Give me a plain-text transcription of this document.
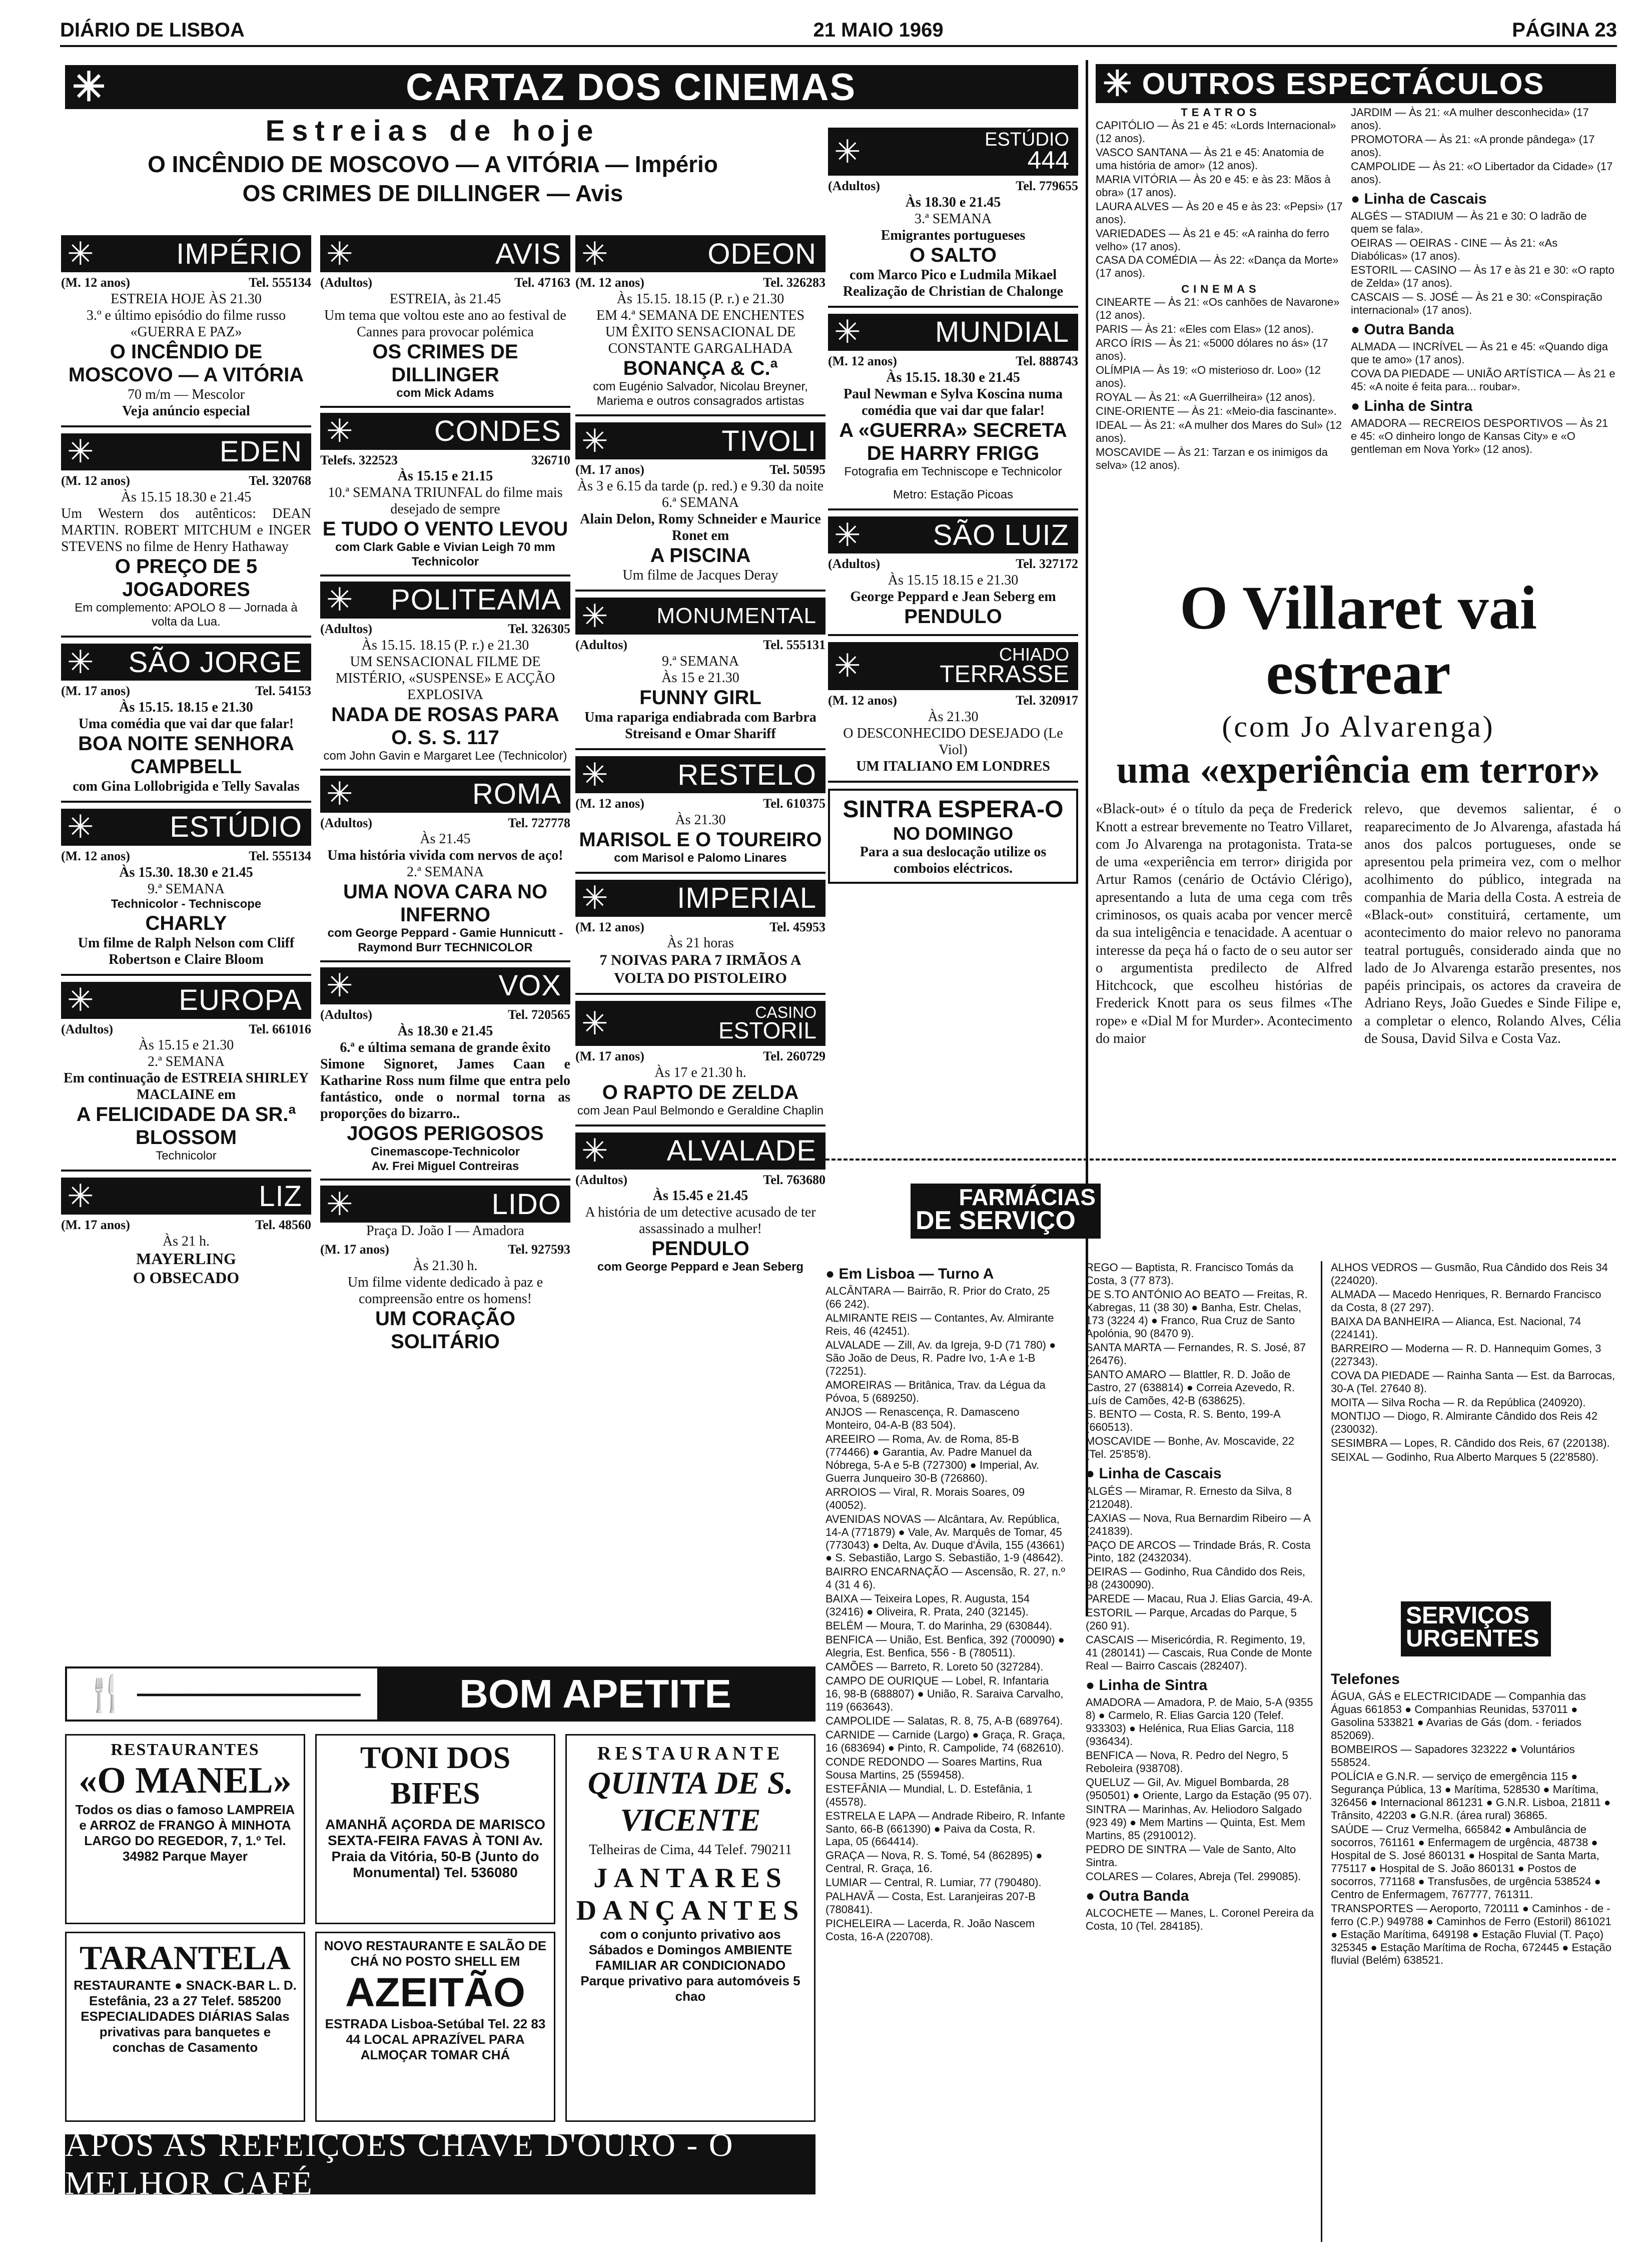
DIÁRIO DE LISBOA	21 MAIO 1969	PÁGINA 23
✳	CARTAZ DOS CINEMAS
Estreias de hoje
O INCÊNDIO DE MOSCOVO — A VITÓRIA — Império
OS CRIMES DE DILLINGER — Avis
✳	IMPÉRIO
(M. 12 anos)	Tel. 555134
ESTREIA HOJE ÀS 21.30
3.º e último episódio do filme russo «GUERRA E PAZ»
O INCÊNDIO DE MOSCOVO — A VITÓRIA
70 m/m — Mescolor
Veja anúncio especial
✳	EDEN
(M. 12 anos)	Tel. 320768
Às 15.15 18.30 e 21.45
Um Western dos autênticos: DEAN MARTIN. ROBERT MITCHUM e INGER STEVENS no filme de Henry Hathaway
O PREÇO DE 5 JOGADORES
Em complemento: APOLO 8 — Jornada à volta da Lua.
✳ SÃO JORGE
(M. 17 anos)	Tel. 54153
Às 15.15. 18.15 e 21.30
Uma comédia que vai dar que falar!
BOA NOITE SENHORA CAMPBELL
com Gina Lollobrigida e Telly Savalas
✳	ESTÚDIO
(M. 12 anos)	Tel. 555134
Às 15.30. 18.30 e 21.45
9.ª SEMANA
Technicolor - Techniscope
CHARLY
Um filme de Ralph Nelson com Cliff Robertson e Claire Bloom
✳	EUROPA
(Adultos)	Tel. 661016
Às 15.15 e 21.30
2.ª SEMANA
Em continuação de ESTREIA SHIRLEY MACLAINE em
A FELICIDADE DA SR.ª BLOSSOM
Technicolor
✳	LIZ
(M. 17 anos)	Tel. 48560
Às 21 h.
MAYERLING
O OBSECADO
✳	AVIS
(Adultos)	Tel. 47163
ESTREIA, às 21.45
Um tema que voltou este ano ao festival de Cannes para provocar polémica
OS CRIMES DE DILLINGER
com Mick Adams
✳	CONDES
Telefs. 322523	326710
Às 15.15 e 21.15
10.ª SEMANA TRIUNFAL do filme mais desejado de sempre
E TUDO O VENTO LEVOU
com Clark Gable e Vivian Leigh 70 mm Technicolor
✳ POLITEAMA
(Adultos)	Tel. 326305
Às 15.15. 18.15 (P. r.) e 21.30
UM SENSACIONAL FILME DE MISTÉRIO, «SUSPENSE» E ACÇÃO EXPLOSIVA
NADA DE ROSAS PARA O. S. S. 117
com John Gavin e Margaret Lee (Technicolor)
✳	ROMA
(Adultos)	Tel. 727778
Às 21.45
Uma história vivida com nervos de aço!
2.ª SEMANA
UMA NOVA CARA NO INFERNO
com George Peppard - Gamie Hunnicutt - Raymond Burr TECHNICOLOR
✳	VOX
(Adultos)	Tel. 720565
Às 18.30 e 21.45
6.ª e última semana de grande êxito
Simone Signoret, James Caan e Katharine Ross num filme que entra pelo fantástico, onde o normal torna as proporções do bizarro..
JOGOS PERIGOSOS
Cinemascope-Technicolor
Av. Frei Miguel Contreiras
✳	LIDO
Praça D. João I — Amadora
(M. 17 anos)	Tel. 927593
Às 21.30 h.
Um filme vidente dedicado à paz e compreensão entre os homens!
UM CORAÇÃO SOLITÁRIO
✳	ODEON
(M. 12 anos)	Tel. 326283
Às 15.15. 18.15 (P. r.) e 21.30
EM 4.ª SEMANA DE ENCHENTES
UM ÊXITO SENSACIONAL DE CONSTANTE GARGALHADA
BONANÇA & C.ª
com Eugénio Salvador, Nicolau Breyner, Mariema e outros consagrados artistas
✳	TIVOLI
(M. 17 anos)	Tel. 50595
Às 3 e 6.15 da tarde (p. red.) e 9.30 da noite
6.ª SEMANA
Alain Delon, Romy Schneider e Maurice Ronet em
A PISCINA
Um filme de Jacques Deray
✳ MONUMENTAL
(Adultos)	Tel. 555131
9.ª SEMANA
Às 15 e 21.30
FUNNY GIRL
Uma rapariga endiabrada com Barbra Streisand e Omar Shariff
✳ RESTELO
(M. 12 anos)	Tel. 610375
Às 21.30
MARISOL E O TOUREIRO
com Marisol e Palomo Linares
✳ IMPERIAL
(M. 12 anos)	Tel. 45953
Às 21 horas
7 NOIVAS PARA 7 IRMÃOS A VOLTA DO PISTOLEIRO
✳	CASINO
ESTORIL
(M. 17 anos)	Tel. 260729
Às 17 e 21.30 h.
O RAPTO DE ZELDA
com Jean Paul Belmondo e Geraldine Chaplin
✳ ALVALADE
(Adultos)	Tel. 763680
Às 15.45 e 21.45
A história de um detective acusado de ter assassinado a mulher!
PENDULO
com George Peppard e Jean Seberg
✳	ESTÚDIO
444
(Adultos)	Tel. 779655
Às 18.30 e 21.45
3.ª SEMANA
Emigrantes portugueses
O SALTO
com Marco Pico e Ludmila Mikael Realização de Christian de Chalonge
✳	MUNDIAL
(M. 12 anos)	Tel. 888743
Às 15.15. 18.30 e 21.45
Paul Newman e Sylva Koscina numa comédia que vai dar que falar!
A «GUERRA» SECRETA DE HARRY FRIGG
Fotografia em Techniscope e Technicolor
Metro: Estação Picoas
✳ SÃO LUIZ
(Adultos)	Tel. 327172
Às 15.15 18.15 e 21.30
George Peppard e Jean Seberg em
PENDULO
✳	CHIADO
TERRASSE
(M. 12 anos)	Tel. 320917
Às 21.30
O DESCONHECIDO DESEJADO (Le Viol)
UM ITALIANO EM LONDRES
SINTRA ESPERA-O
NO DOMINGO
Para a sua deslocação utilize os comboios eléctricos.
✳ OUTROS ESPECTÁCULOS
TEATROS

CAPITÓLIO — Às 21 e 45: «Lords Internacional» (12 anos).

VASCO SANTANA — Às 21 e 45: Anatomia de uma história de amor» (12 anos).

MARIA VITÓRIA — Às 20 e 45: e às 23: Mãos à obra» (17 anos).

LAURA ALVES — Às 20 e 45 e às 23: «Pepsi» (17 anos).

VARIEDADES — Às 21 e 45: «A rainha do ferro velho» (17 anos).

CASA DA COMÉDIA — Às 22: «Dança da Morte» (17 anos).

CINEMAS

CINEARTE — Às 21: «Os canhões de Navarone» (12 anos).

PARIS — Às 21: «Eles com Elas» (12 anos).

ARCO ÍRIS — Às 21: «5000 dólares no ás» (17 anos).

OLÍMPIA — Às 19: «O misterioso dr. Loo» (12 anos).

ROYAL — Às 21: «A Guerrilheira» (12 anos).

CINE-ORIENTE — Às 21: «Meio-dia fascinante».

IDEAL — Às 21: «A mulher dos Mares do Sul» (12 anos).

MOSCAVIDE — Às 21: Tarzan e os inimigos da selva» (12 anos).

JARDIM — Às 21: «A mulher desconhecida» (17 anos).

PROMOTORA — Às 21: «A pronde pândega» (17 anos).

CAMPOLIDE — Às 21: «O Libertador da Cidade» (17 anos).

● Linha de Cascais

ALGÉS — STADIUM — Às 21 e 30: O ladrão de quem se fala».

OEIRAS — OEIRAS - CINE — Às 21: «As Diabólicas» (17 anos).

ESTORIL — CASINO — Às 17 e às 21 e 30: «O rapto de Zelda» (17 anos).

CASCAIS — S. JOSÉ — Às 21 e 30: «Conspiração internacional» (17 anos).

● Outra Banda

ALMADA — INCRÍVEL — Às 21 e 45: «Quando diga que te amo» (17 anos).

COVA DA PIEDADE — UNIÃO ARTÍSTICA — Às 21 e 45: «A noite é feita para... roubar».

● Linha de Sintra

AMADORA — RECREIOS DESPORTIVOS — Às 21 e 45: «O dinheiro longo de Kansas City» e «O gentleman em Nova York» (12 anos).

O Villaret vai estrear
(com Jo Alvarenga)
uma «experiência em terror»
«Black-out» é o título da peça de Frederick Knott a estrear brevemente no Teatro Villaret, com Jo Alvarenga na protagonista. Trata-se de uma «experiência em terror» dirigida por Artur Ramos (cenário de Octávio Clérigo), apresentando a luta de uma cega com três criminosos, os quais acaba por vencer mercê da sua inteligência e tenacidade. A acentuar o interesse da peça há o facto de o seu autor ser o argumentista predilecto de Alfred Hitchcock, que escolheu histórias de Frederick Knott para os seus filmes «The rope» e «Dial M for Murder». Acontecimento do maior
relevo, que devemos salientar, é o reaparecimento de Jo Alvarenga, afastada há anos dos palcos portugueses, onde se apresentou pela primeira vez, com o melhor acolhimento do público, integrada na companhia de Maria della Costa. A estreia de «Black-out» constituirá, certamente, um acontecimento do maior relevo no panorama teatral português, considerado ainda que no lado de Jo Alvarenga estarão presentes, nos papéis principais, os actores da craveira de Adriano Reys, João Guedes e Sinde Filipe e, a completar o elenco, Rolando Alves, Célia de Sousa, David Silva e Costa Vaz.
FARMÁCIAS
DE SERVIÇO
● Em Lisboa — Turno A

ALCÂNTARA — Bairrão, R. Prior do Crato, 25 (66 242).

ALMIRANTE REIS — Contantes, Av. Almirante Reis, 46 (42451).

ALVALADE — Zill, Av. da Igreja, 9-D (71 780) ● São João de Deus, R. Padre Ivo, 1-A e 1-B (72251).

AMOREIRAS — Britânica, Trav. da Légua da Póvoa, 5 (689250).

ANJOS — Renascença, R. Damasceno Monteiro, 04-A-B (83 504).

AREEIRO — Roma, Av. de Roma, 85-B (774466) ● Garantia, Av. Padre Manuel da Nóbrega, 5-A e 5-B (727300) ● Imperial, Av. Guerra Junqueiro 30-B (726860).

ARROIOS — Viral, R. Morais Soares, 09 (40052).

AVENIDAS NOVAS — Alcântara, Av. República, 14-A (771879) ● Vale, Av. Marquês de Tomar, 45 (773043) ● Delta, Av. Duque d'Ávila, 155 (43661) ● S. Sebastião, Largo S. Sebastião, 1-9 (48642).

BAIRRO ENCARNAÇÃO — Ascensão, R. 27, n.º 4 (31 4 6).

BAIXA — Teixeira Lopes, R. Augusta, 154 (32416) ● Oliveira, R. Prata, 240 (32145).

BELÉM — Moura, T. do Marinha, 29 (630844).

BENFICA — União, Est. Benfica, 392 (700090) ● Alegria, Est. Benfica, 556 - B (780511).

CAMÕES — Barreto, R. Loreto 50 (327284).

CAMPO DE OURIQUE — Lobel, R. Infantaria 16, 98-B (688807) ● União, R. Saraiva Carvalho, 119 (663643).

CAMPOLIDE — Salatas, R. 8, 75, A-B (689764).

CARNIDE — Carnide (Largo) ● Graça, R. Graça, 16 (683694) ● Pinto, R. Campolide, 74 (682610).

CONDE REDONDO — Soares Martins, Rua Sousa Martins, 25 (559458).

ESTEFÂNIA — Mundial, L. D. Estefânia, 1 (45578).

ESTRELA E LAPA — Andrade Ribeiro, R. Infante Santo, 66-B (661390) ● Paiva da Costa, R. Lapa, 05 (664414).

GRAÇA — Nova, R. S. Tomé, 54 (862895) ● Central, R. Graça, 16.

LUMIAR — Central, R. Lumiar, 77 (790480).

PALHAVÃ — Costa, Est. Laranjeiras 207-B (780841).

PICHELEIRA — Lacerda, R. João Nascem Costa, 16-A (220708).

REGO — Baptista, R. Francisco Tomás da Costa, 3 (77 873).

DE S.TO ANTÓNIO AO BEATO — Freitas, R. Xabregas, 11 (38 30) ● Banha, Estr. Chelas, 173 (3224 4) ● Franco, Rua Cruz de Santo Apolónia, 90 (8470 9).

SANTA MARTA — Fernandes, R. S. José, 87 (26476).

SANTO AMARO — Blattler, R. D. João de Castro, 27 (638814) ● Correia Azevedo, R. Luís de Camões, 42-B (638625).

S. BENTO — Costa, R. S. Bento, 199-A (660513).

MOSCAVIDE — Bonhe, Av. Moscavide, 22 (Tel. 25'85'8).

● Linha de Cascais

ALGÉS — Miramar, R. Ernesto da Silva, 8 (212048).

CAXIAS — Nova, Rua Bernardim Ribeiro — A (241839).

PAÇO DE ARCOS — Trindade Brás, R. Costa Pinto, 182 (2432034).

OEIRAS — Godinho, Rua Cândido dos Reis, 98 (2430090).

PAREDE — Macau, Rua J. Elias Garcia, 49-A.

ESTORIL — Parque, Arcadas do Parque, 5 (260 91).

CASCAIS — Misericórdia, R. Regimento, 19, 41 (280141) — Cascais, Rua Conde de Monte Real — Bairro Cascais (282407).

● Linha de Sintra

AMADORA — Amadora, P. de Maio, 5-A (9355 8) ● Carmelo, R. Elias Garcia 120 (Telef. 933303) ● Helénica, Rua Elias Garcia, 118 (936434).

BENFICA — Nova, R. Pedro del Negro, 5 Reboleira (938708).

QUELUZ — Gil, Av. Miguel Bombarda, 28 (950501) ● Oriente, Largo da Estação (95 07).

SINTRA — Marinhas, Av. Heliodoro Salgado (923 49) ● Mem Martins — Quinta, Est. Mem Martins, 85 (2910012).

PEDRO DE SINTRA — Vale de Santo, Alto Sintra.

COLARES — Colares, Abreja (Tel. 299085).

● Outra Banda

ALCOCHETE — Manes, L. Coronel Pereira da Costa, 10 (Tel. 284185).

ALHOS VEDROS — Gusmão, Rua Cândido dos Reis 34 (224020).

ALMADA — Macedo Henriques, R. Bernardo Francisco da Costa, 8 (27 297).

BAIXA DA BANHEIRA — Alianca, Est. Nacional, 74 (224141).

BARREIRO — Moderna — R. D. Hannequim Gomes, 3 (227343).

COVA DA PIEDADE — Rainha Santa — Est. da Barrocas, 30-A (Tel. 27640 8).

MOITA — Silva Rocha — R. da República (240920).

MONTIJO — Diogo, R. Almirante Cândido dos Reis 42 (230032).

SESIMBRA — Lopes, R. Cândido dos Reis, 67 (220138).

SEIXAL — Godinho, Rua Alberto Marques 5 (22'8580).

SERVIÇOS
URGENTES
Telefones

ÁGUA, GÁS e ELECTRICIDADE — Companhia das Águas 661853 ● Companhias Reunidas, 537011 ● Gasolina 533821 ● Avarias de Gás (dom. - feriados 852069).

BOMBEIROS — Sapadores 323222 ● Voluntários 558524.

POLÍCIA e G.N.R. — serviço de emergência 115 ● Segurança Pública, 13 ● Marítima, 528530 ● Marítima, 326456 ● Internacional 861231 ● G.N.R. Lisboa, 21811 ● Trânsito, 42203 ● G.N.R. (área rural) 36865.

SAÚDE — Cruz Vermelha, 665842 ● Ambulância de socorros, 761161 ● Enfermagem de urgência, 48738 ● Hospital de S. José 860131 ● Hospital de Santa Marta, 775117 ● Hospital de S. João 860131 ● Postos de socorros, 771168 ● Transfusões, de urgência 538524 ● Centro de Enfermagem, 767777, 761311.

TRANSPORTES — Aeroporto, 720111 ● Caminhos - de - ferro (C.P.) 949788 ● Caminhos de Ferro (Estoril) 861021 ● Estação Marítima, 649198 ● Estação Fluvial (T. Paço) 325345 ● Estação Marítima de Rocha, 672445 ● Estação fluvial (Belém) 638521.

🍴 ─────────	BOM APETITE
RESTAURANTES
«O MANEL»
Todos os dias o famoso LAMPREIA e ARROZ de FRANGO À MINHOTA LARGO DO REGEDOR, 7, 1.º Tel. 34982 Parque Mayer
TARANTELA
RESTAURANTE ● SNACK-BAR L. D. Estefânia, 23 a 27 Telef. 585200 ESPECIALIDADES DIÁRIAS Salas privativas para banquetes e conchas de Casamento
TONI DOS BIFES
AMANHÃ AÇORDA DE MARISCO SEXTA-FEIRA FAVAS À TONI Av. Praia da Vitória, 50-B (Junto do Monumental) Tel. 536080
NOVO RESTAURANTE E SALÃO DE CHÁ NO POSTO SHELL EM
AZEITÃO
ESTRADA Lisboa-Setúbal Tel. 22 83 44 LOCAL APRAZÍVEL PARA ALMOÇAR TOMAR CHÁ
RESTAURANTE
QUINTA DE S. VICENTE
Telheiras de Cima, 44 Telef. 790211
JANTARES DANÇANTES
com o conjunto privativo aos Sábados e Domingos AMBIENTE FAMILIAR AR CONDICIONADO Parque privativo para automóveis 5 chao
APÓS AS REFEIÇÕES CHAVE D'OURO - O MELHOR CAFÉ
